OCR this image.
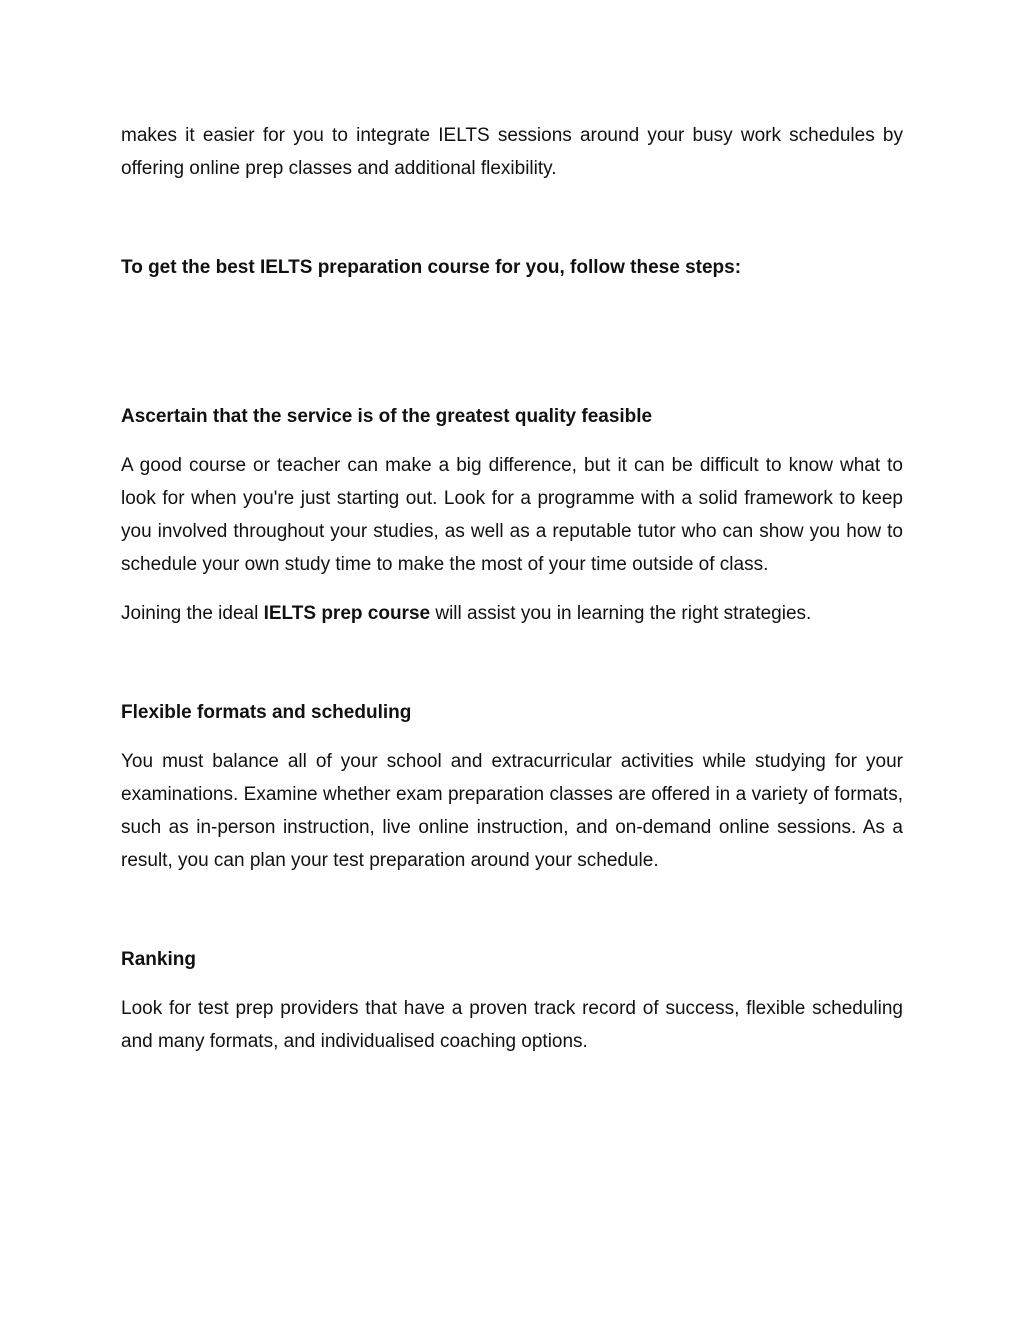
makes it easier for you to integrate IELTS sessions around your busy work schedules by offering online prep classes and additional flexibility.

To get the best IELTS preparation course for you, follow these steps:

Ascertain that the service is of the greatest quality feasible

A good course or teacher can make a big difference, but it can be difficult to know what to look for when you're just starting out. Look for a programme with a solid framework to keep you involved throughout your studies, as well as a reputable tutor who can show you how to schedule your own study time to make the most of your time outside of class.

Joining the ideal IELTS prep course will assist you in learning the right strategies.

Flexible formats and scheduling

You must balance all of your school and extracurricular activities while studying for your examinations. Examine whether exam preparation classes are offered in a variety of formats, such as in-person instruction, live online instruction, and on-demand online sessions. As a result, you can plan your test preparation around your schedule.

Ranking

Look for test prep providers that have a proven track record of success, flexible scheduling and many formats, and individualised coaching options.
